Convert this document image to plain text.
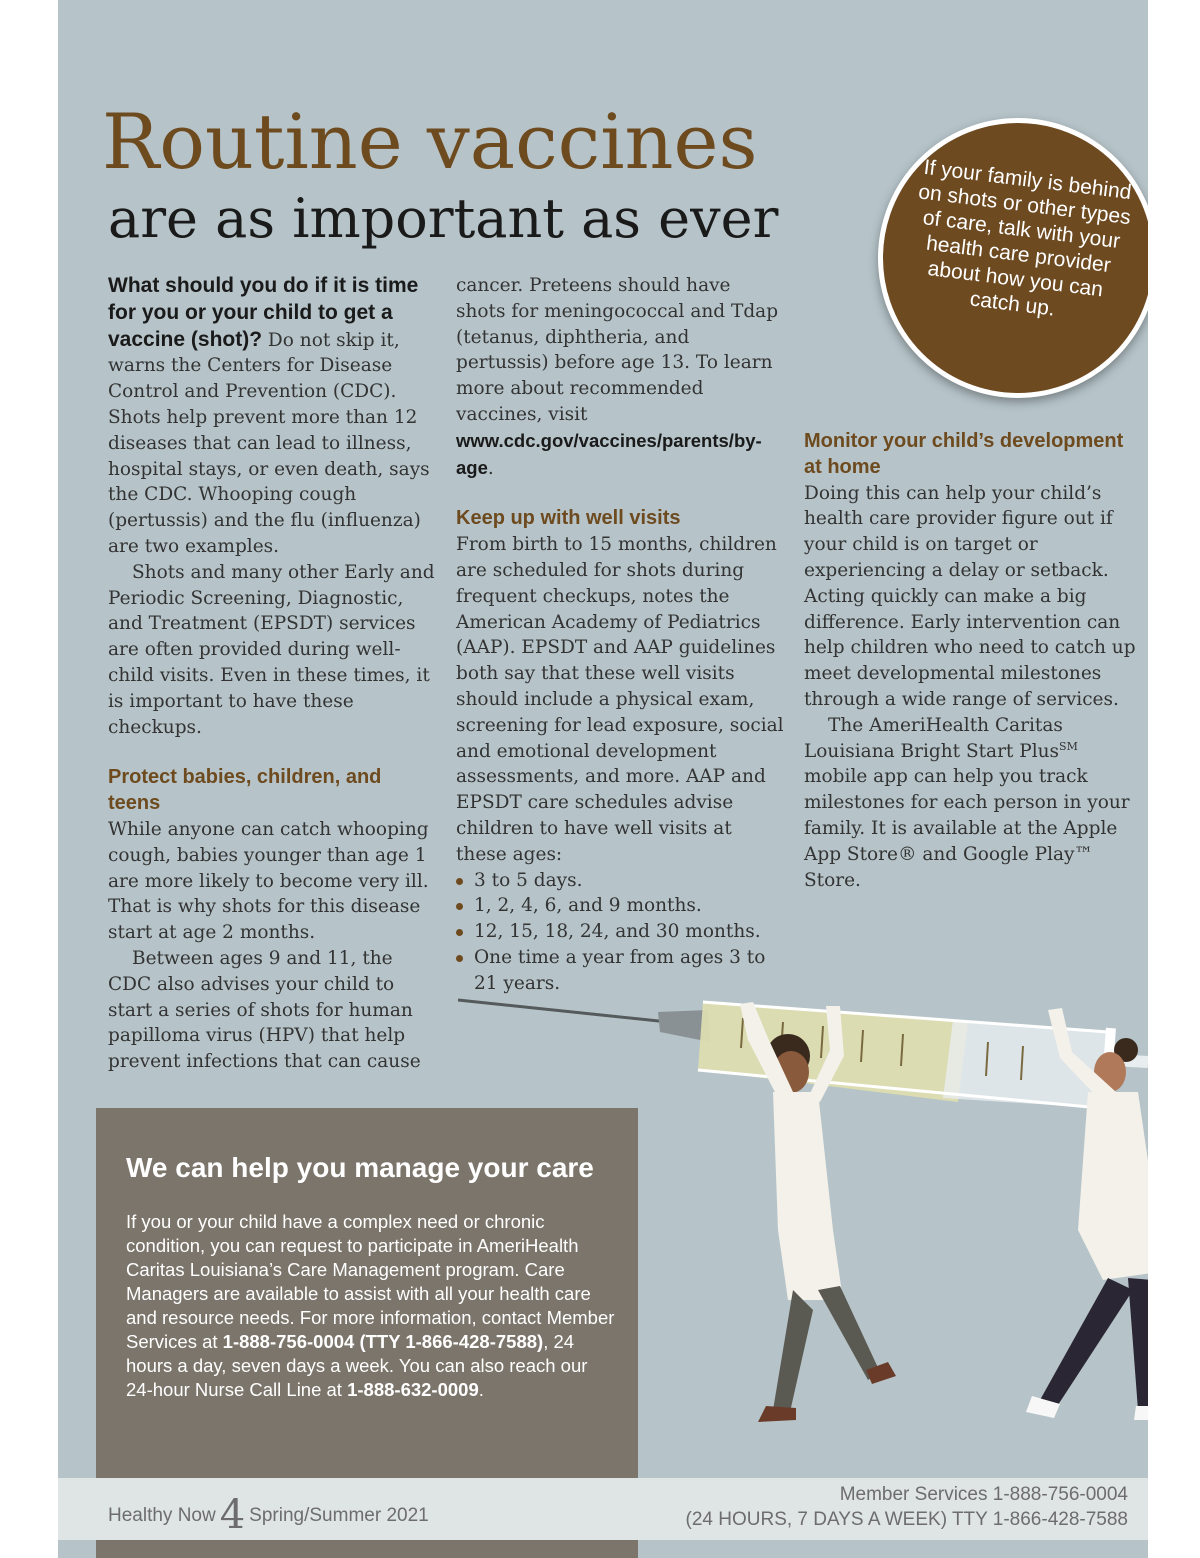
Routine vaccines
are as important as ever
If your family is behind on shots or other types of care, talk with your health care provider about how you can catch up.

What should you do if it is time for you or your child to get a vaccine (shot)? Do not skip it, warns the Centers for Disease Control and Prevention (CDC). Shots help prevent more than 12 diseases that can lead to illness, hospital stays, or even death, says the CDC. Whooping cough (pertussis) and the flu (influenza) are two examples.

Shots and many other Early and Periodic Screening, Diagnostic, and Treatment (EPSDT) services are often provided during well-child visits. Even in these times, it is important to have these checkups.

Protect babies, children, and teens

While anyone can catch whooping cough, babies younger than age 1 are more likely to become very ill. That is why shots for this disease start at age 2 months.

Between ages 9 and 11, the CDC also advises your child to start a series of shots for human papilloma virus (HPV) that help prevent infections that can cause

cancer. Preteens should have shots for meningococcal and Tdap (tetanus, diphtheria, and pertussis) before age 13. To learn more about recommended vaccines, visit www.cdc.gov/vaccines/parents/by-age.

Keep up with well visits

From birth to 15 months, children are scheduled for shots during frequent checkups, notes the American Academy of Pediatrics (AAP). EPSDT and AAP guidelines both say that these well visits should include a physical exam, screening for lead exposure, social and emotional development assessments, and more. AAP and EPSDT care schedules advise children to have well visits at these ages:

3 to 5 days.
1, 2, 4, 6, and 9 months.
12, 15, 18, 24, and 30 months.
One time a year from ages 3 to 21 years.

Monitor your child’s development at home

Doing this can help your child’s health care provider figure out if your child is on target or experiencing a delay or setback. Acting quickly can make a big difference. Early intervention can help children who need to catch up meet developmental milestones through a wide range of services.

The AmeriHealth Caritas Louisiana Bright Start Plus℠ mobile app can help you track milestones for each person in your family. It is available at the Apple App Store® and Google Play™ Store.

We can help you manage your care
If you or your child have a complex need or chronic condition, you can request to participate in AmeriHealth Caritas Louisiana’s Care Management program. Care Managers are available to assist with all your health care and resource needs. For more information, contact Member Services at 1-888-756-0004 (TTY 1-866-428-7588), 24 hours a day, seven days a week. You can also reach our 24-hour Nurse Call Line at 1-888-632-0009.
Healthy Now 4 Spring/Summer 2021
Member Services 1-888-756-0004
(24 HOURS, 7 DAYS A WEEK) TTY 1-866-428-7588
